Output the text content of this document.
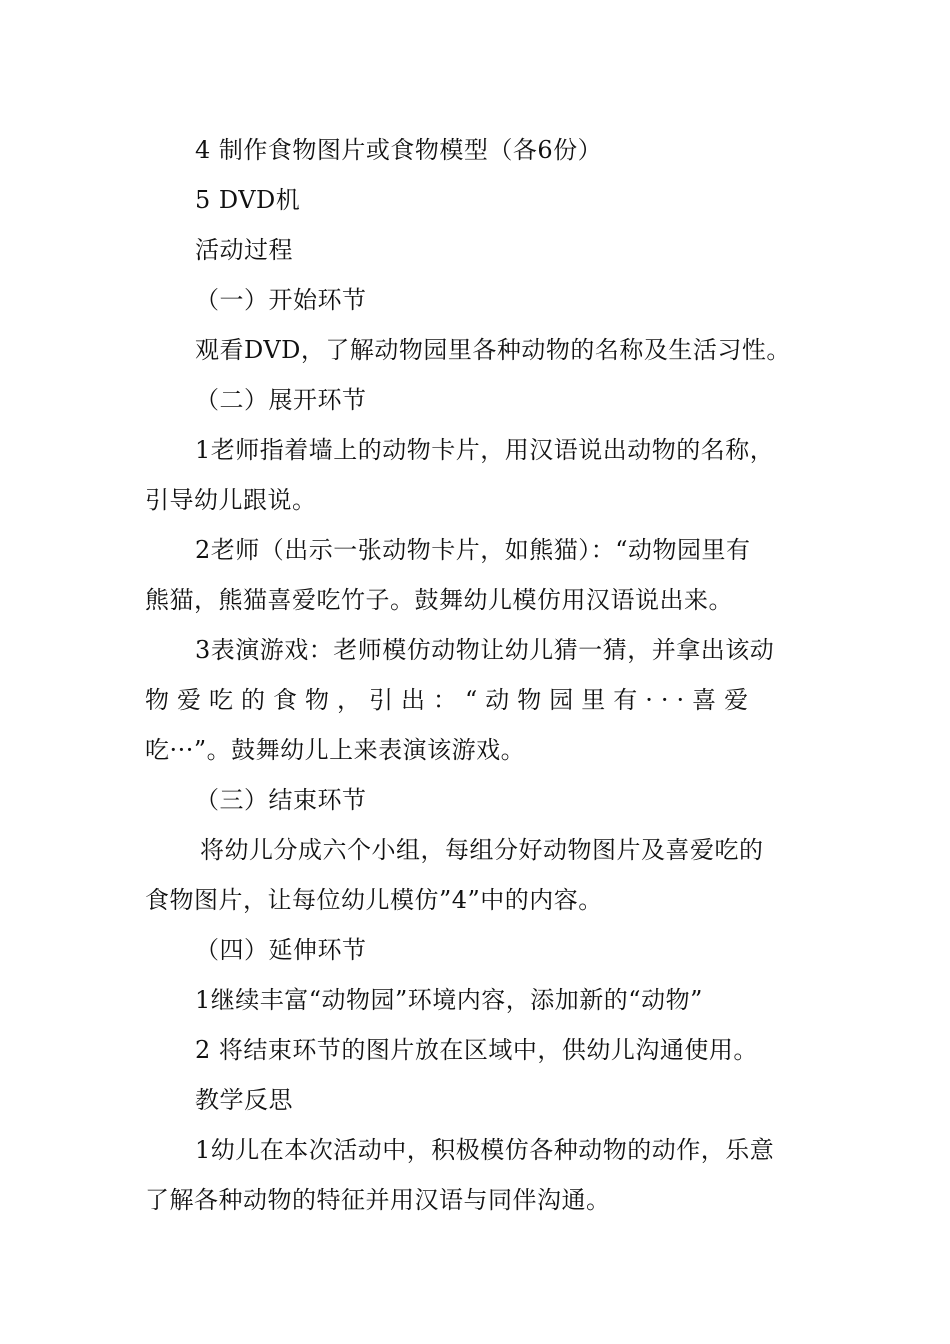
4 制作食物图片或食物模型（各6份）
5 DVD机
活动过程
（一）开始环节
观看DVD，了解动物园里各种动物的名称及生活习性。
（二）展开环节
1老师指着墙上的动物卡片，用汉语说出动物的名称，
引导幼儿跟说。
2老师（出示一张动物卡片，如熊猫）：“动物园里有
熊猫，熊猫喜爱吃竹子。鼓舞幼儿模仿用汉语说出来。
3表演游戏：老师模仿动物让幼儿猜一猜，并拿出该动
物爱吃的食物，引出：“动物园里有···喜爱
吃···”。鼓舞幼儿上来表演该游戏。
（三）结束环节
将幼儿分成六个小组，每组分好动物图片及喜爱吃的
食物图片，让每位幼儿模仿”4”中的内容。
（四）延伸环节
1继续丰富“动物园”环境内容，添加新的“动物”
2 将结束环节的图片放在区域中，供幼儿沟通使用。
教学反思
1幼儿在本次活动中，积极模仿各种动物的动作，乐意
了解各种动物的特征并用汉语与同伴沟通。
